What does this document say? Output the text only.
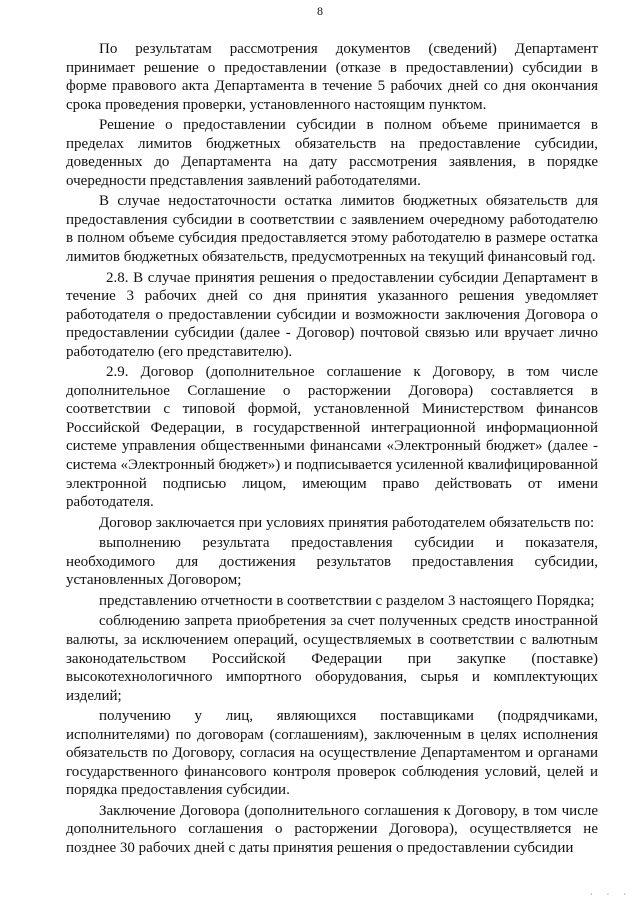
8

По результатам рассмотрения документов (сведений) Департамент принимает решение о предоставлении (отказе в предоставлении) субсидии в форме правового акта Департамента в течение 5 рабочих дней со дня окончания срока проведения проверки, установленного настоящим пунктом.

Решение о предоставлении субсидии в полном объеме принимается в пределах лимитов бюджетных обязательств на предоставление субсидии, доведенных до Департамента на дату рассмотрения заявления, в порядке очередности представления заявлений работодателями.

В случае недостаточности остатка лимитов бюджетных обязательств для предоставления субсидии в соответствии с заявлением очередному работодателю в полном объеме субсидия предоставляется этому работодателю в размере остатка лимитов бюджетных обязательств, предусмотренных на текущий финансовый год.

2.8. В случае принятия решения о предоставлении субсидии Департамент в течение 3 рабочих дней со дня принятия указанного решения уведомляет работодателя о предоставлении субсидии и возможности заключения Договора о предоставлении субсидии (далее - Договор) почтовой связью или вручает лично работодателю (его представителю).

2.9. Договор (дополнительное соглашение к Договору, в том числе дополнительное Соглашение о расторжении Договора) составляется в соответствии с типовой формой, установленной Министерством финансов Российской Федерации, в государственной интеграционной информационной системе управления общественными финансами «Электронный бюджет» (далее - система «Электронный бюджет») и подписывается усиленной квалифицированной электронной подписью лицом, имеющим право действовать от имени работодателя.

Договор заключается при условиях принятия работодателем обязательств по:

выполнению результата предоставления субсидии и показателя, необходимого для достижения результатов предоставления субсидии, установленных Договором;

представлению отчетности в соответствии с разделом 3 настоящего Порядка;

соблюдению запрета приобретения за счет полученных средств иностранной валюты, за исключением операций, осуществляемых в соответствии с валютным законодательством Российской Федерации при закупке (поставке) высокотехнологичного импортного оборудования, сырья и комплектующих изделий;

получению у лиц, являющихся поставщиками (подрядчиками, исполнителями) по договорам (соглашениям), заключенным в целях исполнения обязательств по Договору, согласия на осуществление Департаментом и органами государственного финансового контроля проверок соблюдения условий, целей и порядка предоставления субсидии.

Заключение Договора (дополнительного соглашения к Договору, в том числе дополнительного соглашения о расторжении Договора), осуществляется не позднее 30 рабочих дней с даты принятия решения о предоставлении субсидии

· · ·
